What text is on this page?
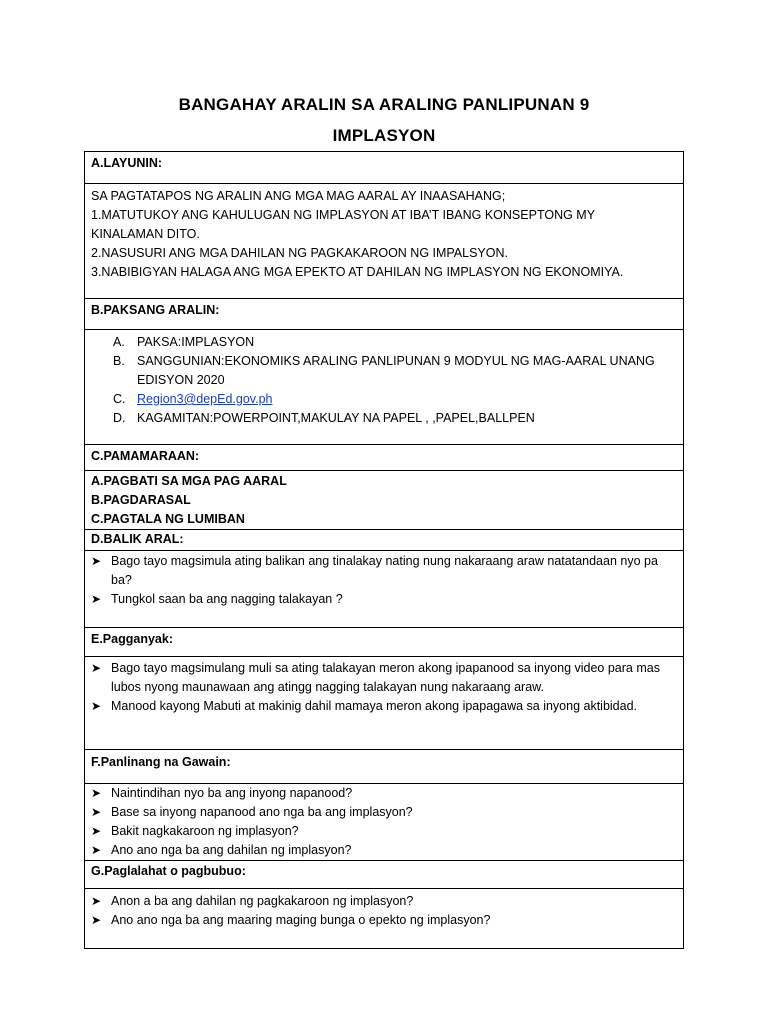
BANGAHAY ARALIN SA ARALING PANLIPUNAN 9
IMPLASYON
A.LAYUNIN:

SA PAGTATAPOS NG ARALIN ANG MGA MAG AARAL AY INAASAHANG;
1.MATUTUKOY ANG KAHULUGAN NG IMPLASYON AT IBA’T IBANG KONSEPTONG MY
KINALAMAN DITO.
2.NASUSURI ANG MGA DAHILAN NG PAGKAKAROON NG IMPALSYON.
3.NABIBIGYAN HALAGA ANG MGA EPEKTO AT DAHILAN NG IMPLASYON NG EKONOMIYA.

B.PAKSANG ARALIN:

A. PAKSA:IMPLASYON
B. SANGGUNIAN:EKONOMIKS ARALING PANLIPUNAN 9 MODYUL NG MAG-AARAL UNANG EDISYON 2020
C. Region3@depEd.gov.ph
D. KAGAMITAN:POWERPOINT,MAKULAY NA PAPEL , ,PAPEL,BALLPEN

C.PAMAMARAAN:

A.PAGBATI SA MGA PAG AARAL
B.PAGDARASAL
C.PAGTALA NG LUMIBAN

D.BALIK ARAL:

➤ Bago tayo magsimula ating balikan ang tinalakay nating nung nakaraang araw natatandaan nyo pa ba?
➤ Tungkol saan ba ang nagging talakayan ?

E.Pagganyak:

➤ Bago tayo magsimulang muli sa ating talakayan meron akong ipapanood sa inyong video para mas lubos nyong maunawaan ang atingg nagging talakayan nung nakaraang araw.
➤ Manood kayong Mabuti at makinig dahil mamaya meron akong ipapagawa sa inyong aktibidad.

F.Panlinang na Gawain:

➤ Naintindihan nyo ba ang inyong napanood?
➤ Base sa inyong napanood ano nga ba ang implasyon?
➤ Bakit nagkakaroon ng implasyon?
➤ Ano ano nga ba ang dahilan ng implasyon?

G.Paglalahat o pagbubuo:

➤ Anon a ba ang dahilan ng pagkakaroon ng implasyon?
➤ Ano ano nga ba ang maaring maging bunga o epekto ng implasyon?
